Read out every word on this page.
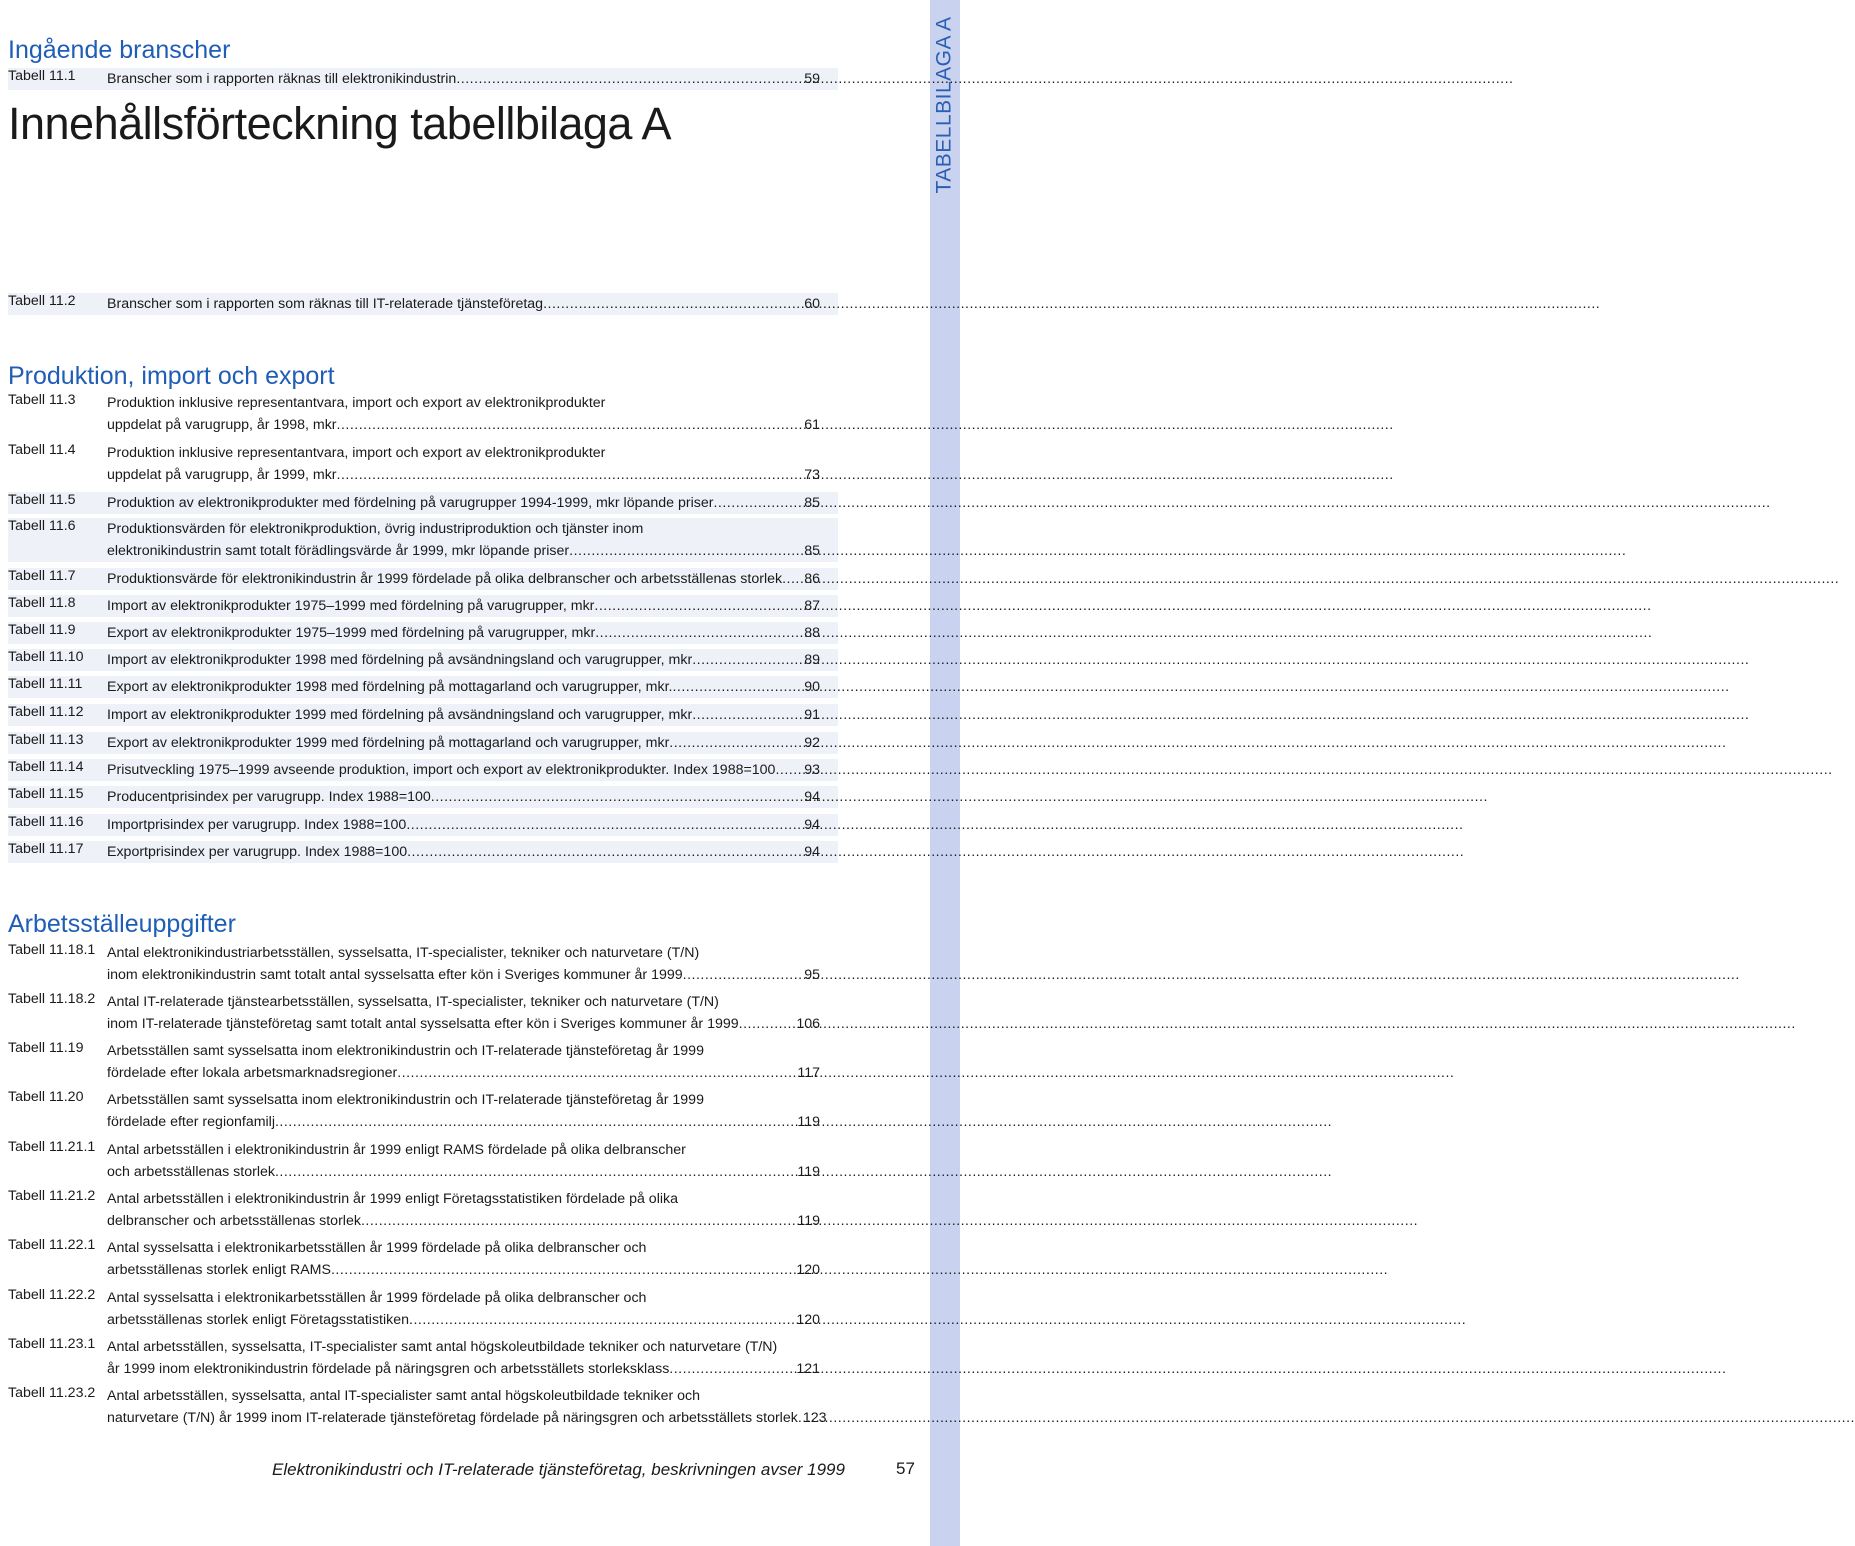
TABELLBILAGA A
Innehållsförteckning tabellbilaga A
Ingående branscher
Produktion, import och export
Arbetsställeuppgifter
Tabell 11.1 Branscher som i rapporten räknas till elektronikindustrin .....	59
Tabell 11.2 Branscher som i rapporten som räknas till IT-relaterade tjänsteföretag .....	60
Tabell 11.3 Produktion inklusive representantvara, import och export av elektronikprodukter
uppdelat på varugrupp, år 1998, mkr .....	61
Tabell 11.4 Produktion inklusive representantvara, import och export av elektronikprodukter
uppdelat på varugrupp, år 1999, mkr .....	73
Tabell 11.5 Produktion av elektronikprodukter med fördelning på varugrupper 1994-1999, mkr löpande priser .....	85
Tabell 11.6 Produktionsvärden för elektronikproduktion, övrig industriproduktion och tjänster inom
elektronikindustrin samt totalt förädlingsvärde år 1999, mkr löpande priser .....	85
Tabell 11.7 Produktionsvärde för elektronikindustrin år 1999 fördelade på olika delbranscher och arbetsställenas storlek ..... 86
Tabell 11.8 Import av elektronikprodukter 1975–1999 med fördelning på varugrupper, mkr .....	87
Tabell 11.9 Export av elektronikprodukter 1975–1999 med fördelning på varugrupper, mkr .....	88
Tabell 11.10 Import av elektronikprodukter 1998 med fördelning på avsändningsland och varugrupper, mkr .....	89
Tabell 11.11 Export av elektronikprodukter 1998 med fördelning på mottagarland och varugrupper, mkr. .....	90
Tabell 11.12 Import av elektronikprodukter 1999 med fördelning på avsändningsland och varugrupper, mkr .....	91
Tabell 11.13 Export av elektronikprodukter 1999 med fördelning på mottagarland och varugrupper, mkr .....	92
Tabell 11.14 Prisutveckling 1975–1999 avseende produktion, import och export av elektronikprodukter. Index 1988=100 ..... 93
Tabell 11.15 Producentprisindex per varugrupp. Index 1988=100 .....	94
Tabell 11.16 Importprisindex per varugrupp. Index 1988=100 .....	94
Tabell 11.17 Exportprisindex per varugrupp. Index 1988=100 .....	94
Tabell 11.18.1 Antal elektronikindustriarbetsställen, sysselsatta, IT-specialister, tekniker och naturvetare (T/N)
inom elektronikindustrin samt totalt antal sysselsatta efter kön i Sveriges kommuner år 1999 .....	95
Tabell 11.18.2 Antal IT-relaterade tjänstearbetsställen, sysselsatta, IT-specialister, tekniker och naturvetare (T/N)
inom IT-relaterade tjänsteföretag samt totalt antal sysselsatta efter kön i Sveriges kommuner år 1999 .....	106
Tabell 11.19 Arbetsställen samt sysselsatta inom elektronikindustrin och IT-relaterade tjänsteföretag år 1999
fördelade efter lokala arbetsmarknadsregioner .....	117
Tabell 11.20 Arbetsställen samt sysselsatta inom elektronikindustrin och IT-relaterade tjänsteföretag år 1999
fördelade efter regionfamilj .....	119
Tabell 11.21.1 Antal arbetsställen i elektronikindustrin år 1999 enligt RAMS fördelade på olika delbranscher
och arbetsställenas storlek .....	119
Tabell 11.21.2 Antal arbetsställen i elektronikindustrin år 1999 enligt Företagsstatistiken fördelade på olika
delbranscher och arbetsställenas storlek .....	119
Tabell 11.22.1 Antal sysselsatta i elektronikarbetsställen år 1999 fördelade på olika delbranscher och
arbetsställenas storlek enligt RAMS .....	120
Tabell 11.22.2 Antal sysselsatta i elektronikarbetsställen år 1999 fördelade på olika delbranscher och
arbetsställenas storlek enligt Företagsstatistiken .....	120
Tabell 11.23.1 Antal arbetsställen, sysselsatta, IT-specialister samt antal högskoleutbildade tekniker och naturvetare (T/N)
år 1999 inom elektronikindustrin fördelade på näringsgren och arbetsställets storleksklass .....	121
Tabell 11.23.2 Antal arbetsställen, sysselsatta, antal IT-specialister samt antal högskoleutbildade tekniker och
naturvetare (T/N) år 1999 inom IT-relaterade tjänsteföretag fördelade på näringsgren och arbetsställets storlek ..... 123
Elektronikindustri och IT-relaterade tjänsteföretag, beskrivningen avser 1999	57
